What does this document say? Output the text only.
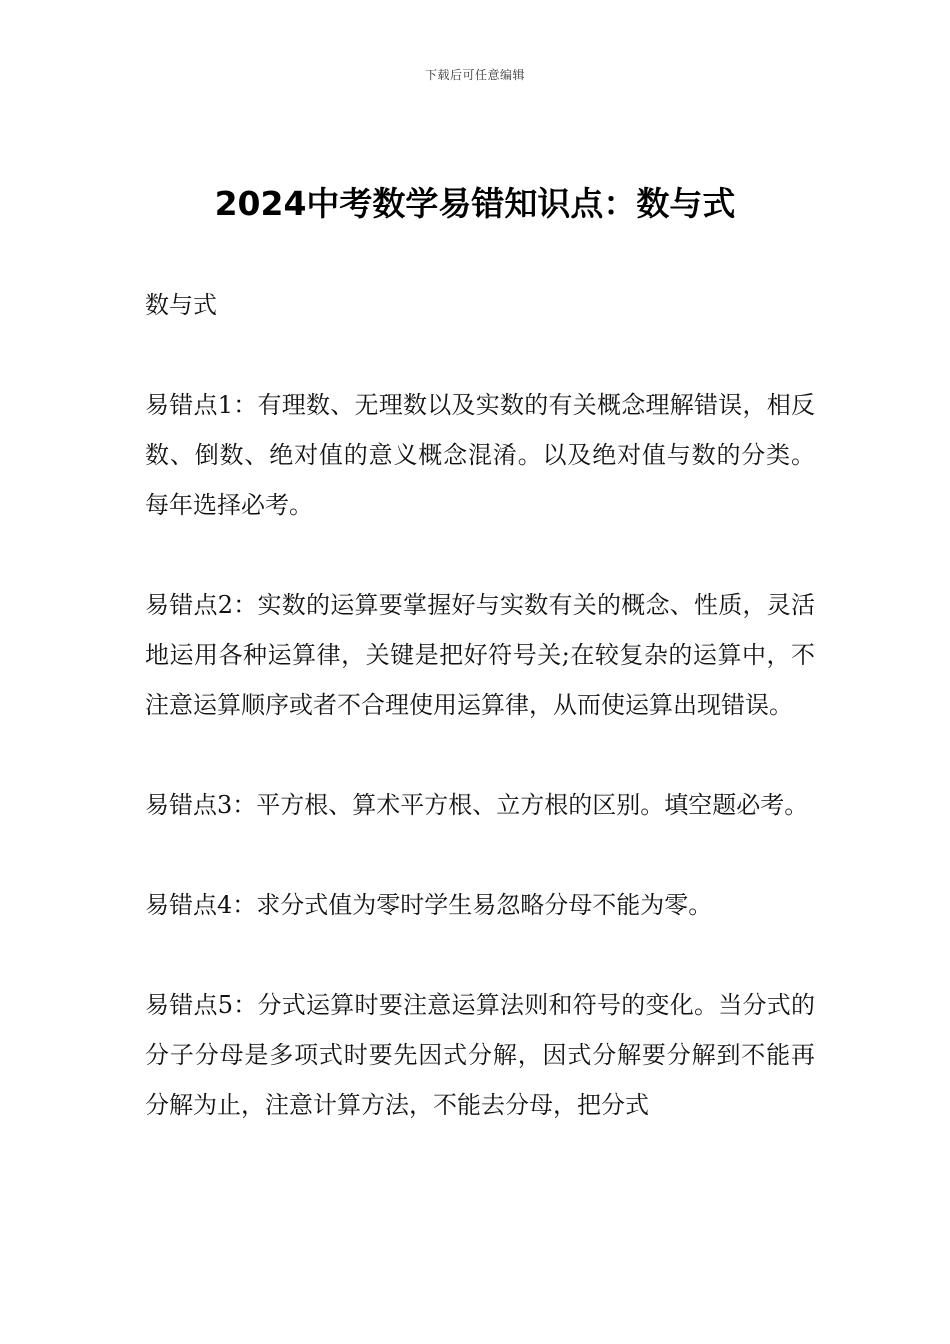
下载后可任意编辑
2024中考数学易错知识点：数与式

数与式

易错点1：有理数、无理数以及实数的有关概念理解错误，相反数、倒数、绝对值的意义概念混淆。以及绝对值与数的分类。每年选择必考。

易错点2：实数的运算要掌握好与实数有关的概念、性质，灵活地运用各种运算律，关键是把好符号关;在较复杂的运算中，不注意运算顺序或者不合理使用运算律，从而使运算出现错误。

易错点3：平方根、算术平方根、立方根的区别。填空题必考。

易错点4：求分式值为零时学生易忽略分母不能为零。

易错点5：分式运算时要注意运算法则和符号的变化。当分式的分子分母是多项式时要先因式分解，因式分解要分解到不能再分解为止，注意计算方法，不能去分母，把分式
